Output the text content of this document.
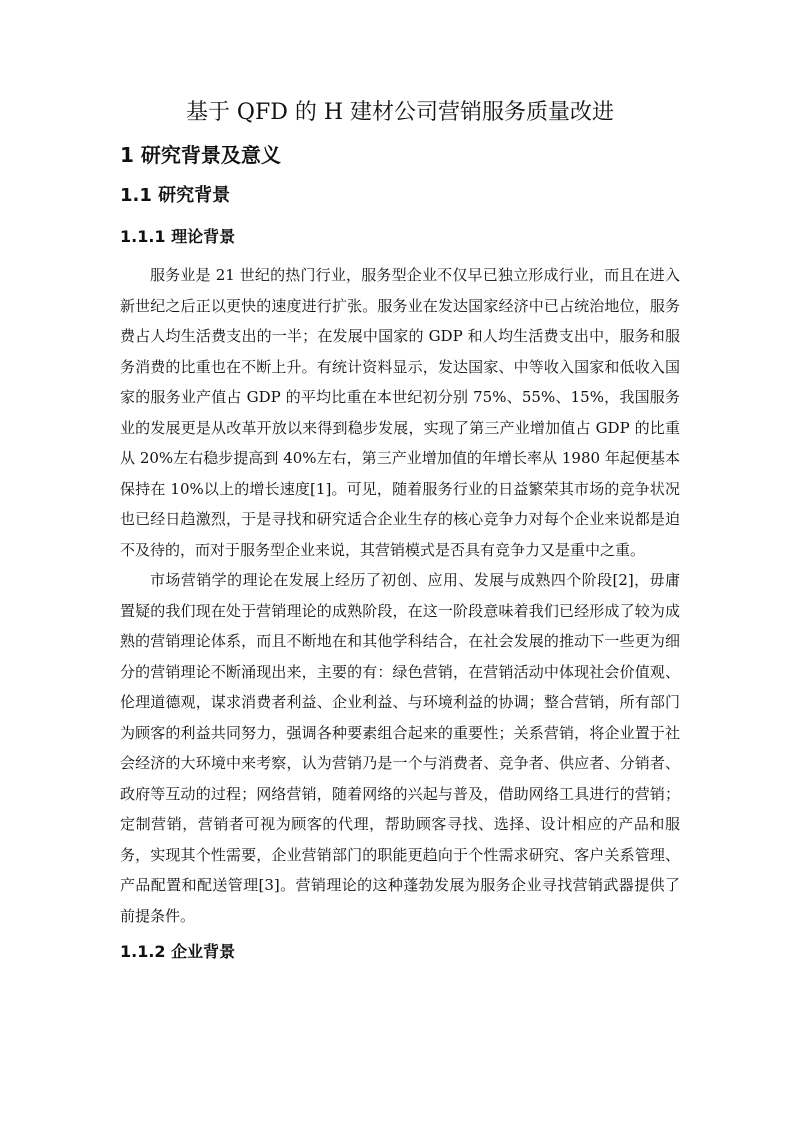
基于 QFD 的 H 建材公司营销服务质量改进
1 研究背景及意义
1.1 研究背景
1.1.1 理论背景

服务业是 21 世纪的热门行业，服务型企业不仅早已独立形成行业，而且在进入新世纪之后正以更快的速度进行扩张。服务业在发达国家经济中已占统治地位，服务费占人均生活费支出的一半；在发展中国家的 GDP 和人均生活费支出中，服务和服务消费的比重也在不断上升。有统计资料显示，发达国家、中等收入国家和低收入国家的服务业产值占 GDP 的平均比重在本世纪初分别 75%、55%、15%，我国服务业的发展更是从改革开放以来得到稳步发展，实现了第三产业增加值占 GDP 的比重从 20%左右稳步提高到 40%左右，第三产业增加值的年增长率从 1980 年起便基本保持在 10%以上的增长速度[1]。可见，随着服务行业的日益繁荣其市场的竞争状况也已经日趋激烈，于是寻找和研究适合企业生存的核心竞争力对每个企业来说都是迫不及待的，而对于服务型企业来说，其营销模式是否具有竞争力又是重中之重。

市场营销学的理论在发展上经历了初创、应用、发展与成熟四个阶段[2]，毋庸置疑的我们现在处于营销理论的成熟阶段，在这一阶段意味着我们已经形成了较为成熟的营销理论体系，而且不断地在和其他学科结合，在社会发展的推动下一些更为细分的营销理论不断涌现出来，主要的有：绿色营销，在营销活动中体现社会价值观、伦理道德观，谋求消费者利益、企业利益、与环境利益的协调；整合营销，所有部门为顾客的利益共同努力，强调各种要素组合起来的重要性；关系营销，将企业置于社会经济的大环境中来考察，认为营销乃是一个与消费者、竞争者、供应者、分销者、政府等互动的过程；网络营销，随着网络的兴起与普及，借助网络工具进行的营销；定制营销，营销者可视为顾客的代理，帮助顾客寻找、选择、设计相应的产品和服务，实现其个性需要，企业营销部门的职能更趋向于个性需求研究、客户关系管理、产品配置和配送管理[3]。营销理论的这种蓬勃发展为服务企业寻找营销武器提供了前提条件。

1.1.2 企业背景
